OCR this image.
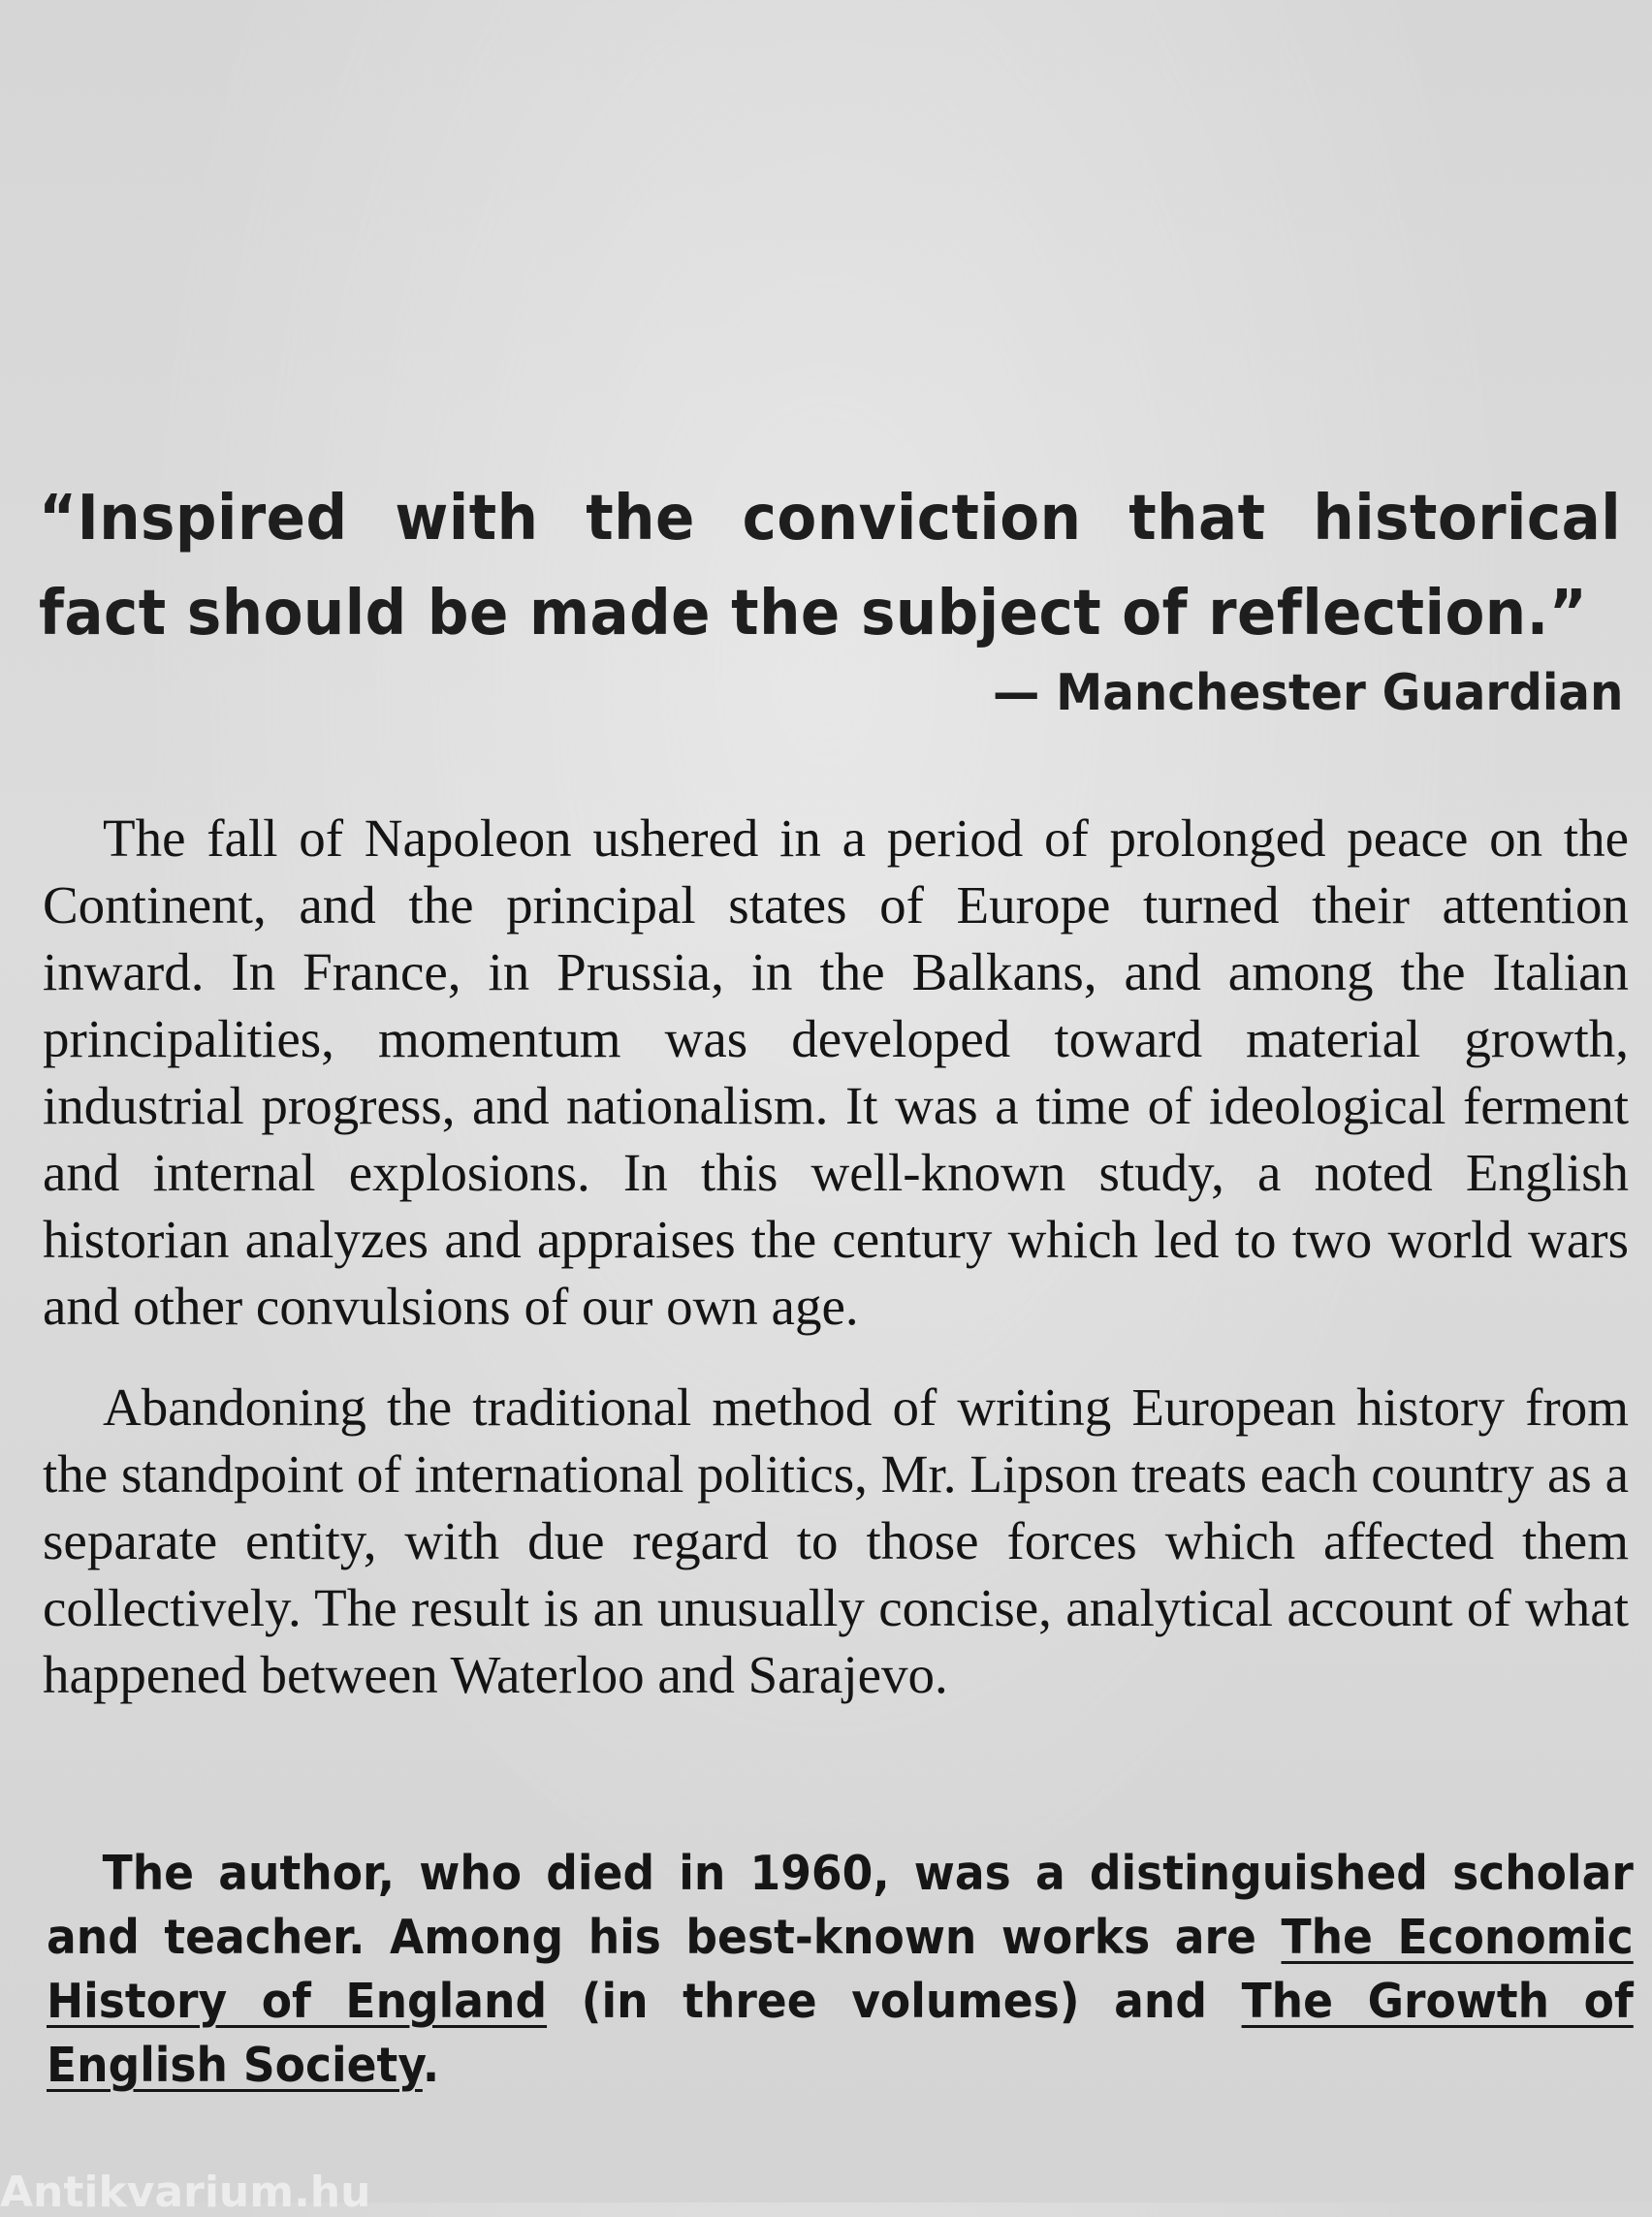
“Inspired with the conviction that historical fact should be made the subject of reflection.”
— Manchester Guardian

The fall of Napoleon ushered in a period of prolonged peace on the Continent, and the principal states of Europe turned their attention inward. In France, in Prussia, in the Balkans, and among the Italian principalities, momentum was developed toward material growth, industrial progress, and nationalism. It was a time of ideological ferment and internal explosions. In this well-known study, a noted English historian analyzes and appraises the century which led to two world wars and other convulsions of our own age.

Abandoning the traditional method of writing European history from the standpoint of international politics, Mr. Lipson treats each country as a separate entity, with due regard to those forces which affected them collectively. The result is an unusually concise, analytical account of what happened between Waterloo and Sarajevo.

The author, who died in 1960, was a distinguished scholar and teacher. Among his best-known works are The Economic History of England (in three volumes) and The Growth of English Society.

Antikvarium.hu
